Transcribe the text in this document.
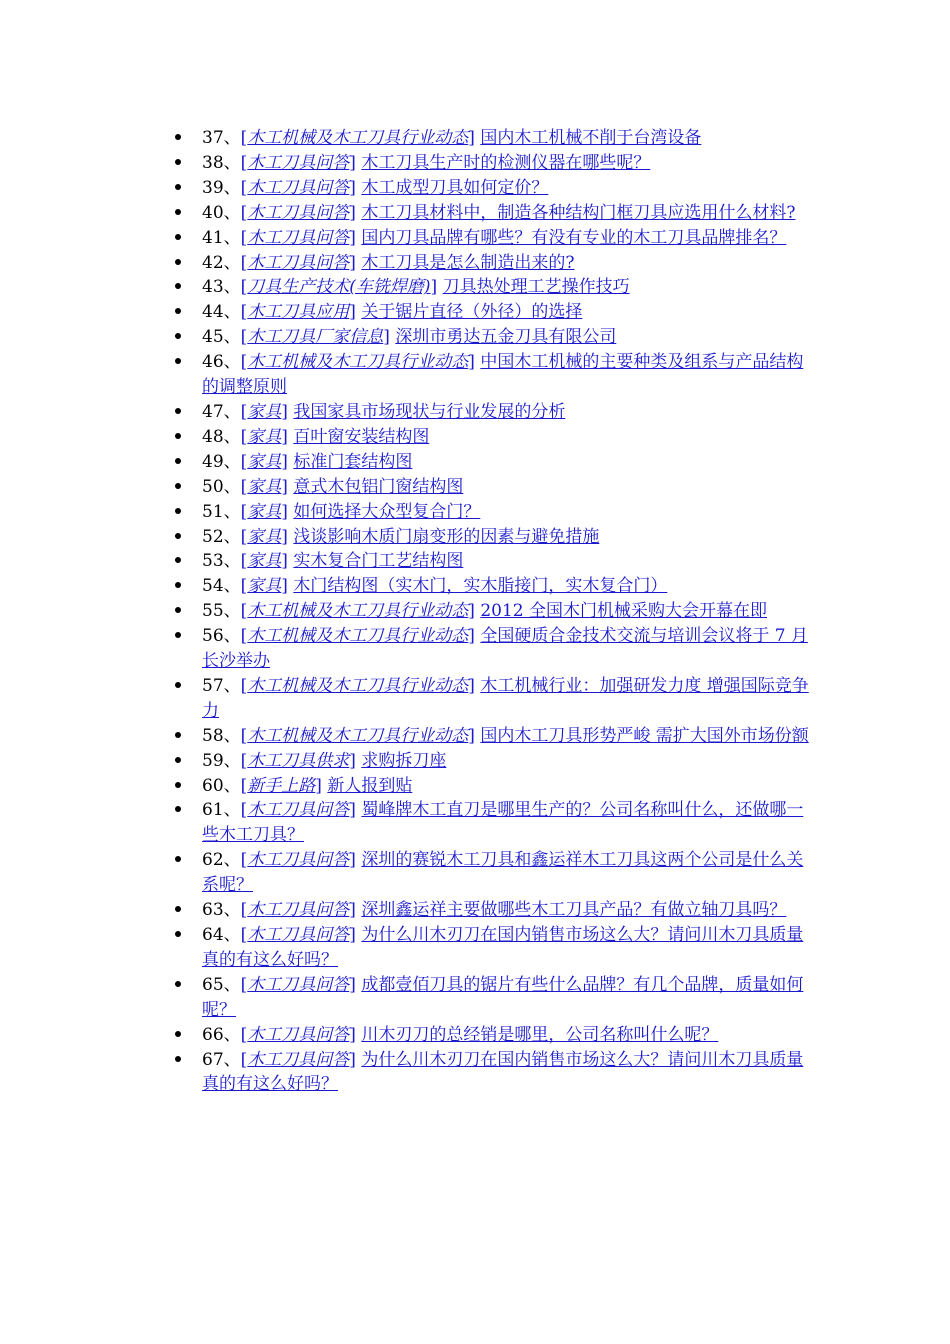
37、[木工机械及木工刀具行业动态] 国内木工机械不削于台湾设备
38、[木工刀具问答] 木工刀具生产时的检测仪器在哪些呢？
39、[木工刀具问答] 木工成型刀具如何定价？
40、[木工刀具问答] 木工刀具材料中，制造各种结构门框刀具应选用什么材料?
41、[木工刀具问答] 国内刀具品牌有哪些？有没有专业的木工刀具品牌排名？
42、[木工刀具问答] 木工刀具是怎么制造出来的?
43、[刀具生产技术(车铣焊磨)] 刀具热处理工艺操作技巧
44、[木工刀具应用] 关于锯片直径（外径）的选择
45、[木工刀具厂家信息] 深圳市勇达五金刀具有限公司
46、[木工机械及木工刀具行业动态] 中国木工机械的主要种类及组系与产品结构的调整原则
47、[家具] 我国家具市场现状与行业发展的分析
48、[家具] 百叶窗安装结构图
49、[家具] 标准门套结构图
50、[家具] 意式木包铝门窗结构图
51、[家具] 如何选择大众型复合门？
52、[家具] 浅谈影响木质门扇变形的因素与避免措施
53、[家具] 实木复合门工艺结构图
54、[家具] 木门结构图（实木门，实木脂接门，实木复合门）
55、[木工机械及木工刀具行业动态] 2012 全国木门机械采购大会开幕在即
56、[木工机械及木工刀具行业动态] 全国硬质合金技术交流与培训会议将于 7 月长沙举办
57、[木工机械及木工刀具行业动态] 木工机械行业：加强研发力度 增强国际竞争力
58、[木工机械及木工刀具行业动态] 国内木工刀具形势严峻 需扩大国外市场份额
59、[木工刀具供求] 求购拆刀座
60、[新手上路] 新人报到贴
61、[木工刀具问答] 蜀峰牌木工直刀是哪里生产的？公司名称叫什么，还做哪一些木工刀具？
62、[木工刀具问答] 深圳的赛锐木工刀具和鑫运祥木工刀具这两个公司是什么关系呢？
63、[木工刀具问答] 深圳鑫运祥主要做哪些木工刀具产品？有做立轴刀具吗？
64、[木工刀具问答] 为什么川木刃刀在国内销售市场这么大？请问川木刀具质量真的有这么好吗？
65、[木工刀具问答] 成都壹佰刀具的锯片有些什么品牌？有几个品牌，质量如何呢？
66、[木工刀具问答] 川木刃刀的总经销是哪里，公司名称叫什么呢？
67、[木工刀具问答] 为什么川木刃刀在国内销售市场这么大？请问川木刀具质量真的有这么好吗？
